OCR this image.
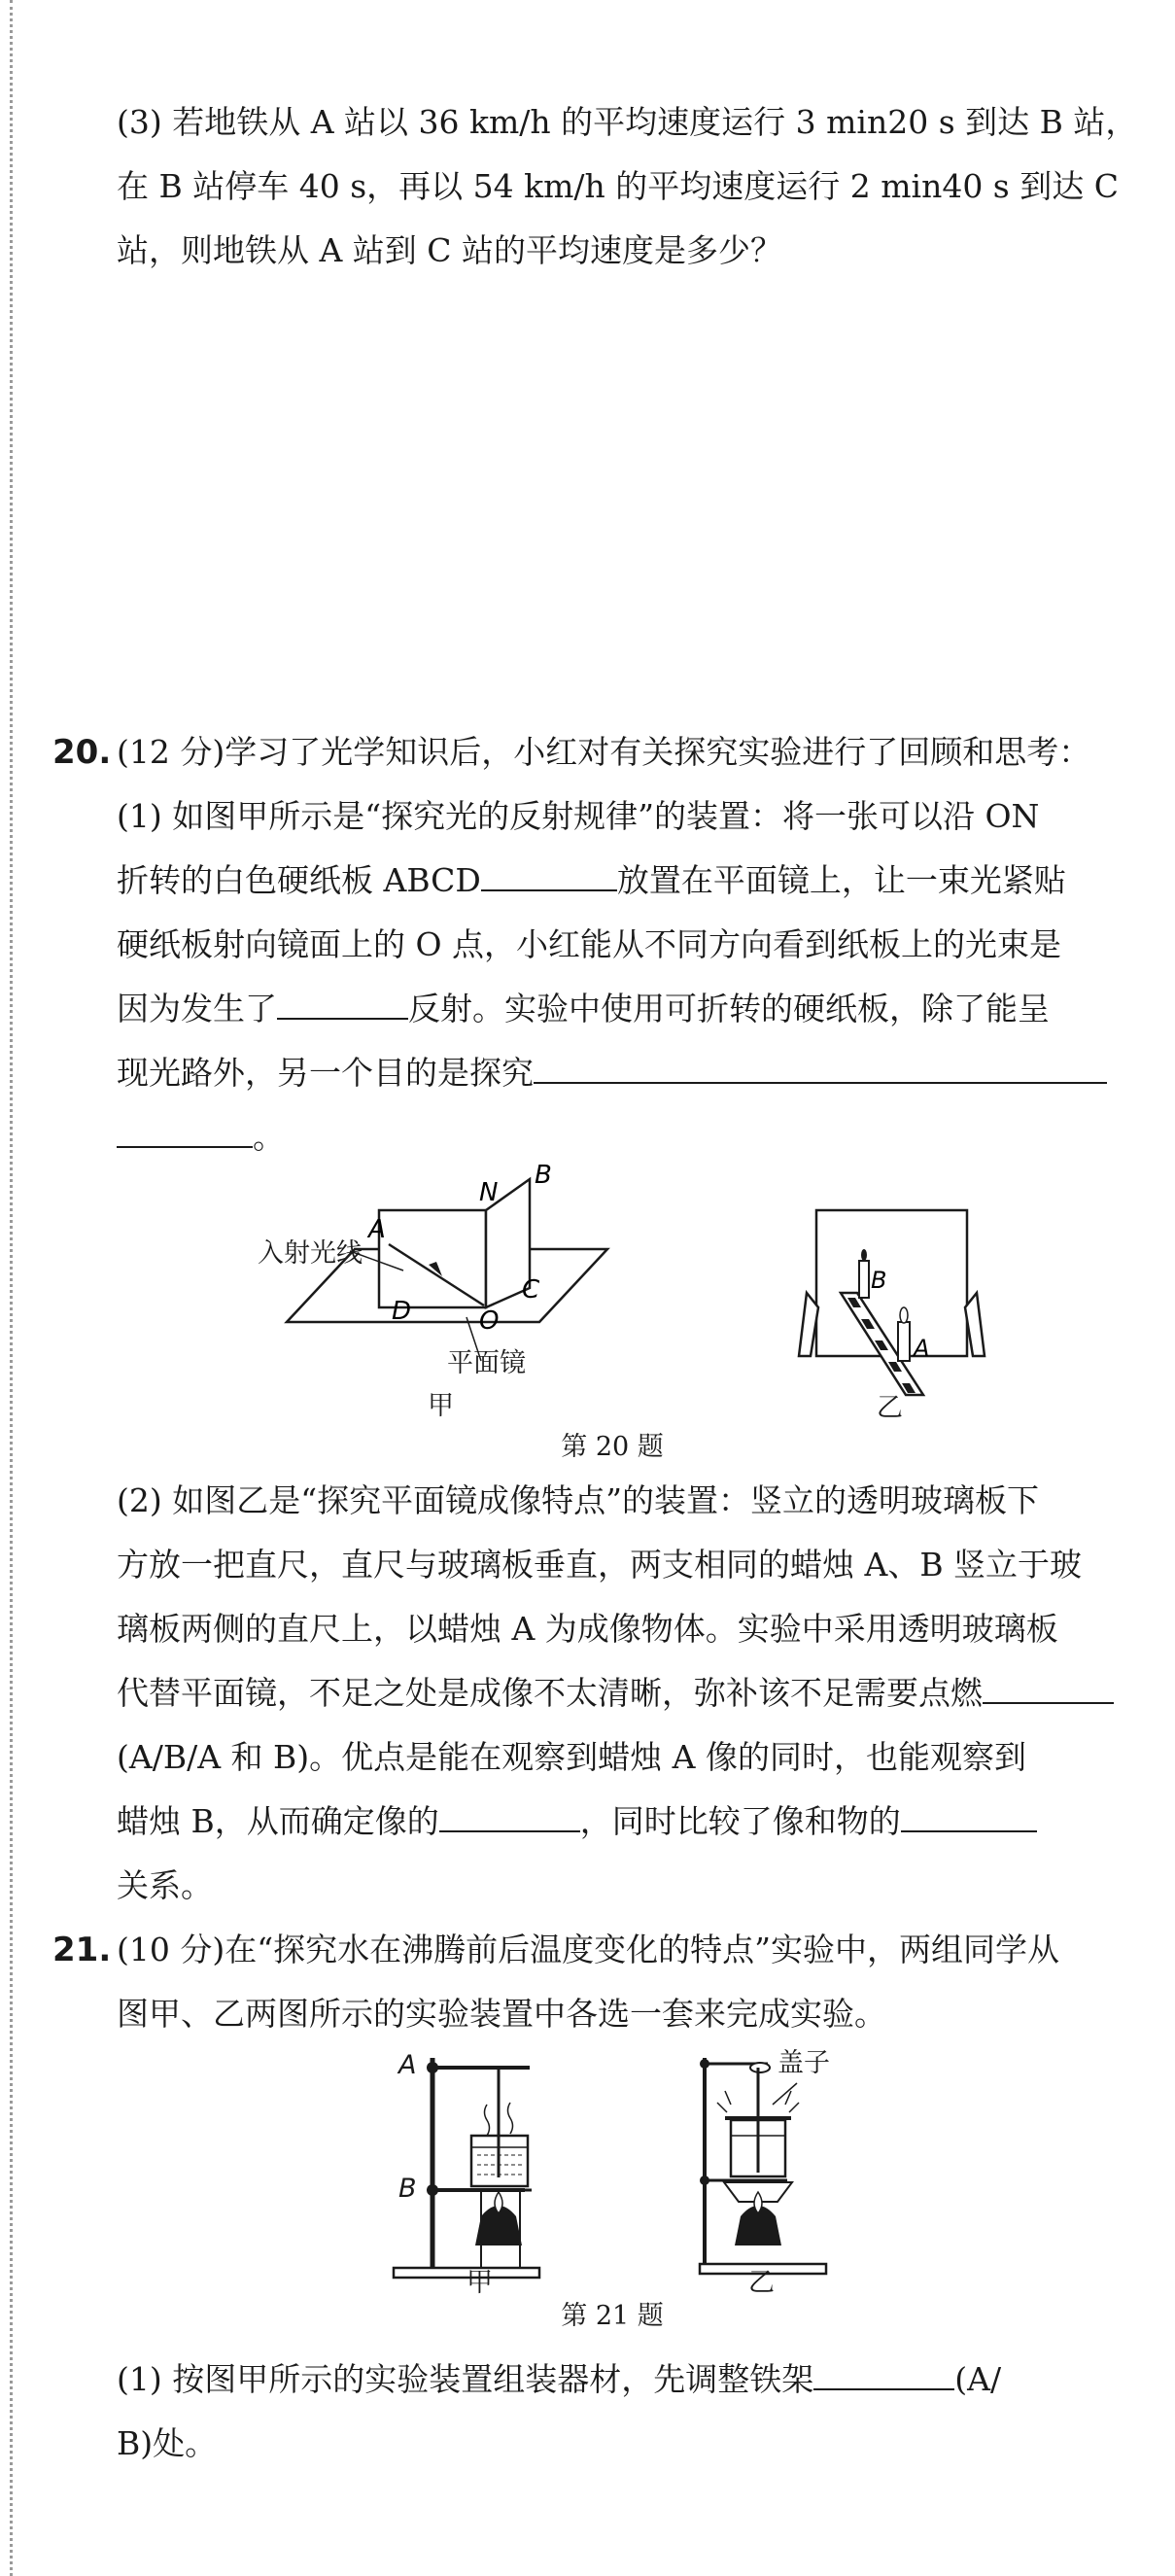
(3) 若地铁从 A 站以 36 km/h 的平均速度运行 3 min20 s 到达 B 站，
在 B 站停车 40 s，再以 54 km/h 的平均速度运行 2 min40 s 到达 C
站，则地铁从 A 站到 C 站的平均速度是多少？
20. (12 分)学习了光学知识后，小红对有关探究实验进行了回顾和思考：
(1) 如图甲所示是“探究光的反射规律”的装置：将一张可以沿 ON
折转的白色硬纸板 ABCD	放置在平面镜上，让一束光紧贴
硬纸板射向镜面上的 O 点，小红能从不同方向看到纸板上的光束是
因为发生了	反射。实验中使用可折转的硬纸板，除了能呈
现光路外，另一个目的是探究
。
N
B
A
C
D	O
入射光线
平面镜
甲
B
A
乙
第 20 题
(2) 如图乙是“探究平面镜成像特点”的装置：竖立的透明玻璃板下
方放一把直尺，直尺与玻璃板垂直，两支相同的蜡烛 A、B 竖立于玻
璃板两侧的直尺上，以蜡烛 A 为成像物体。实验中采用透明玻璃板
代替平面镜，不足之处是成像不太清晰，弥补该不足需要点燃
(A/B/A 和 B)。优点是能在观察到蜡烛 A 像的同时，也能观察到
蜡烛 B，从而确定像的	，同时比较了像和物的
关系。
21. (10 分)在“探究水在沸腾前后温度变化的特点”实验中，两组同学从
图甲、乙两图所示的实验装置中各选一套来完成实验。
A
B
甲
盖子
乙
第 21 题
(1) 按图甲所示的实验装置组装器材，先调整铁架	(A/
B)处。
